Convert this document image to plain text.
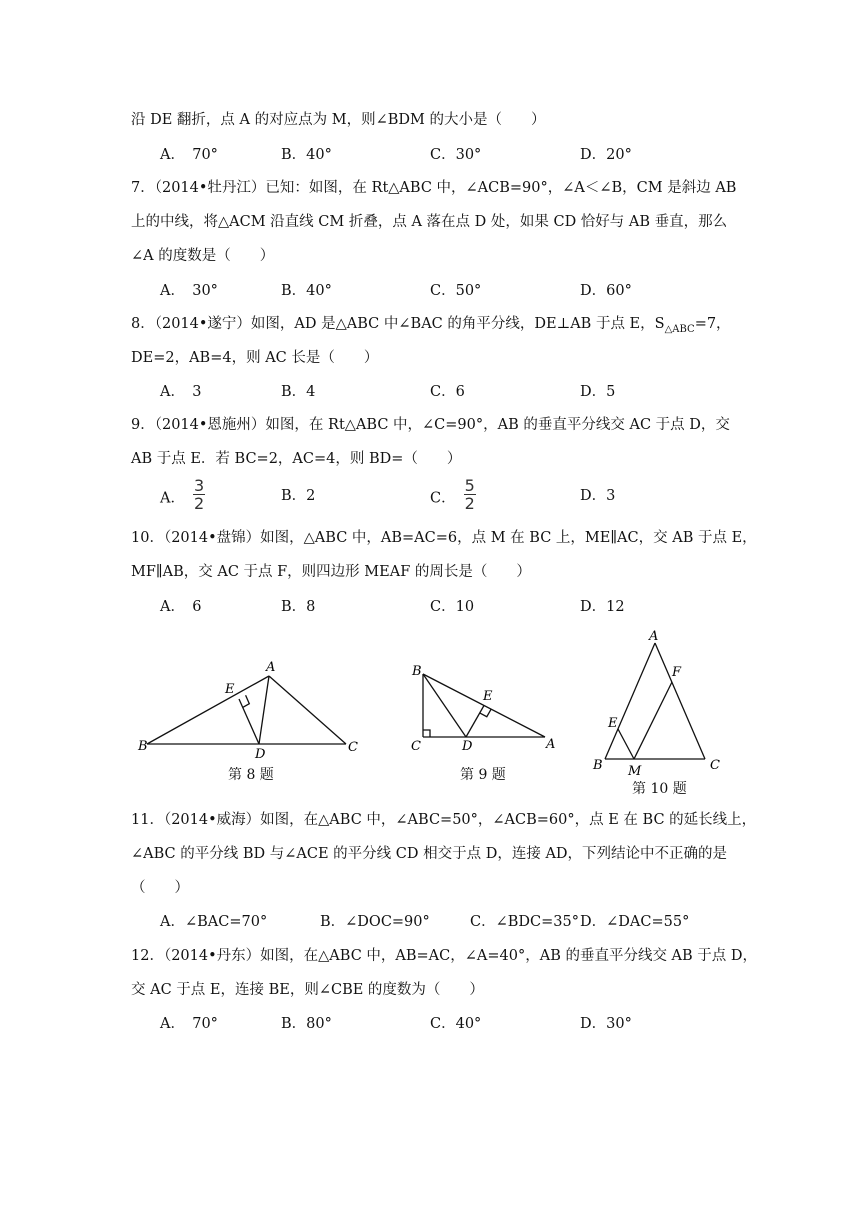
沿 DE 翻折，点 A 的对应点为 M，则∠BDM 的大小是（　　）
A．　70°	B．40°	C．30°	D．20°
7．（2014•牡丹江）已知：如图，在 Rt△ABC 中，∠ACB=90°，∠A＜∠B，CM 是斜边 AB
上的中线，将△ACM 沿直线 CM 折叠，点 A 落在点 D 处，如果 CD 恰好与 AB 垂直，那么
∠A 的度数是（　　）
A．　30°	B．40°	C．50°	D．60°
8．（2014•遂宁）如图，AD 是△ABC 中∠BAC 的角平分线，DE⊥AB 于点 E，$S_{\triangle ABC}=7$，
DE=2，AB=4，则 AC 长是（　　）
A．　3	B．4	C．6	D．5
9．（2014•恩施州）如图，在 Rt△ABC 中，∠C=90°，AB 的垂直平分线交 AC 于点 D，交
AB 于点 E．若 BC=2，AC=4，则 BD=（　　）
A． $\frac{3}{2}$	B．2	C． $\frac{5}{2}$	D．3
10．（2014•盘锦）如图，△ABC 中，AB=AC=6，点 M 在 BC 上，ME∥AC，交 AB 于点 E，
MF∥AB，交 AC 于点 F，则四边形 MEAF 的周长是（　　）
A．　6	B．8	C．10	D．12
B
A
C
D
E
第 8 题
B
C	D	A
E
第 9 题
A
B	C
E
F
M
第 10 题
11．（2014•威海）如图，在△ABC 中，∠ABC=50°，∠ACB=60°，点 E 在 BC 的延长线上，
∠ABC 的平分线 BD 与∠ACE 的平分线 CD 相交于点 D，连接 AD，下列结论中不正确的是
（　　）
A．∠BAC=70°	B．∠DOC=90°	C．∠BDC=35° D．∠DAC=55°
12．（2014•丹东）如图，在△ABC 中，AB=AC，∠A=40°，AB 的垂直平分线交 AB 于点 D，
交 AC 于点 E，连接 BE，则∠CBE 的度数为（　　）
A．　70°	B．80°	C．40°	D．30°
